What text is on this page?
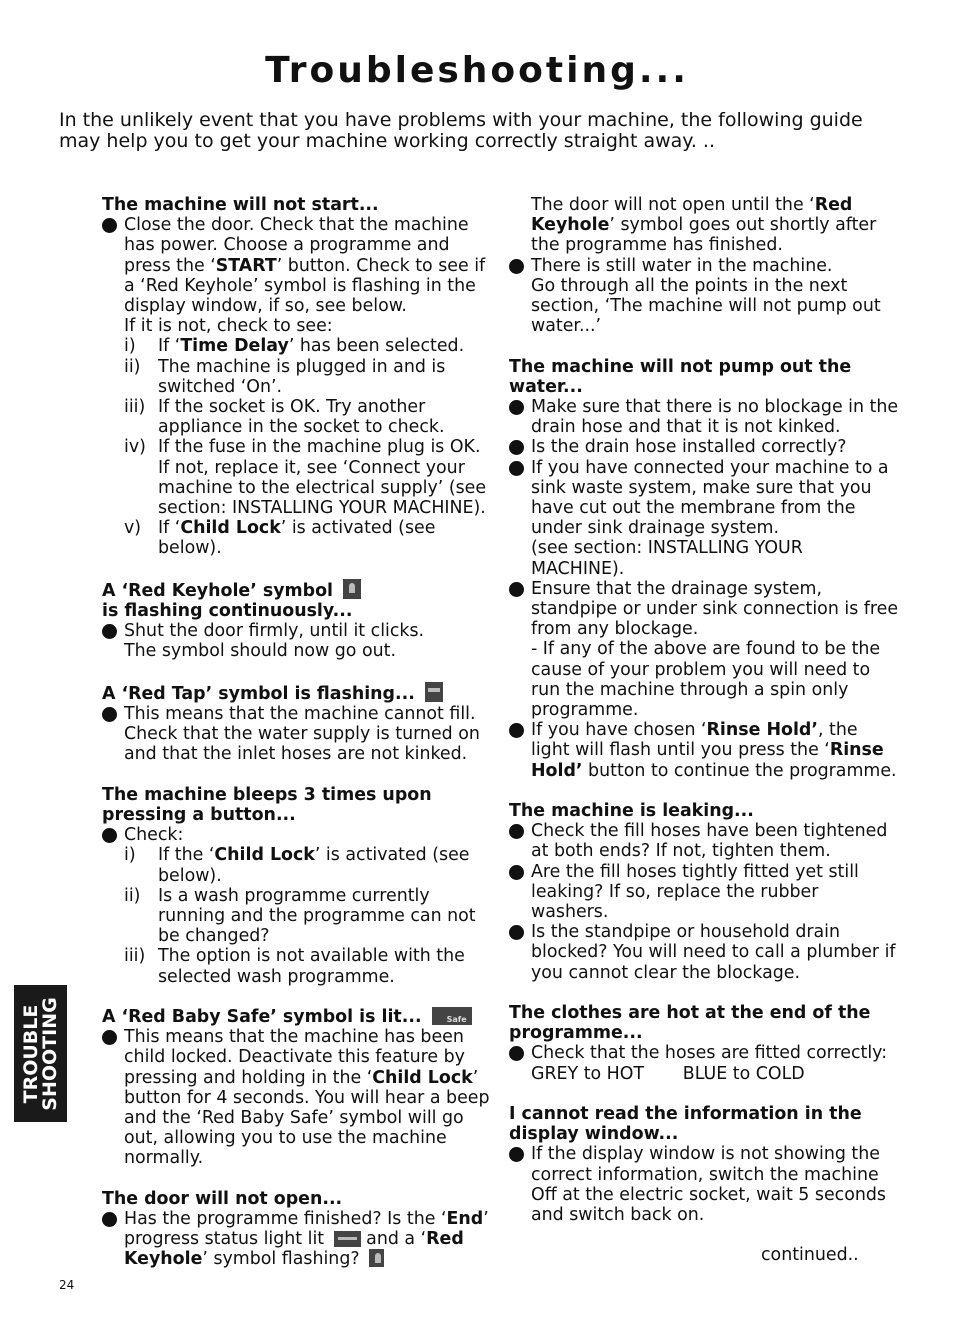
Troubleshooting...

In the unlikely event that you have problems with your machine, the following guide may help you to get your machine working correctly straight away. ..

The machine will not start...
Close the door. Check that the machine has power. Choose a programme and press the ‘START’ button. Check to see if a ‘Red Keyhole’ symbol is flashing in the display window, if so, see below.
If it is not, check to see:
i) If ‘Time Delay’ has been selected.
ii) The machine is plugged in and is switched ‘On’.
iii) If the socket is OK. Try another appliance in the socket to check.
iv) If the fuse in the machine plug is OK. If not, replace it, see ‘Connect your machine to the electrical supply’ (see section: INSTALLING YOUR MACHINE).
v) If ‘Child Lock’ is activated (see below).
A ‘Red Keyhole’ symbol
is flashing continuously...
Shut the door firmly, until it clicks.
The symbol should now go out.
A ‘Red Tap’ symbol is flashing...
This means that the machine cannot fill. Check that the water supply is turned on and that the inlet hoses are not kinked.
The machine bleeps 3 times upon pressing a button...
Check:
i) If the ‘Child Lock’ is activated (see below).
ii) Is a wash programme currently running and the programme can not be changed?
iii) The option is not available with the selected wash programme.
A ‘Red Baby Safe’ symbol is lit... Safe
This means that the machine has been child locked. Deactivate this feature by pressing and holding in the ‘Child Lock’ button for 4 seconds. You will hear a beep and the ‘Red Baby Safe’ symbol will go out, allowing you to use the machine normally.
The door will not open...
Has the programme finished? Is the ‘End’ progress status light lit  and a ‘Red Keyhole’ symbol flashing?
The door will not open until the ‘Red Keyhole’ symbol goes out shortly after the programme has finished.
There is still water in the machine.
Go through all the points in the next section, ‘The machine will not pump out water...’
The machine will not pump out the water...
Make sure that there is no blockage in the drain hose and that it is not kinked.
Is the drain hose installed correctly?
If you have connected your machine to a sink waste system, make sure that you have cut out the membrane from the under sink drainage system.
(see section: INSTALLING YOUR MACHINE).
Ensure that the drainage system, standpipe or under sink connection is free from any blockage.
- If any of the above are found to be the cause of your problem you will need to run the machine through a spin only programme.
If you have chosen ‘Rinse Hold’, the light will flash until you press the ‘Rinse Hold’ button to continue the programme.
The machine is leaking...
Check the fill hoses have been tightened at both ends? If not, tighten them.
Are the fill hoses tightly fitted yet still leaking? If so, replace the rubber washers.
Is the standpipe or household drain blocked? You will need to call a plumber if you cannot clear the blockage.
The clothes are hot at the end of the programme...
Check that the hoses are fitted correctly:
GREY to HOT       BLUE to COLD
I cannot read the information in the display window...
If the display window is not showing the correct information, switch the machine Off at the electric socket, wait 5 seconds and switch back on.
continued..
TROUBLE
SHOOTING
24
